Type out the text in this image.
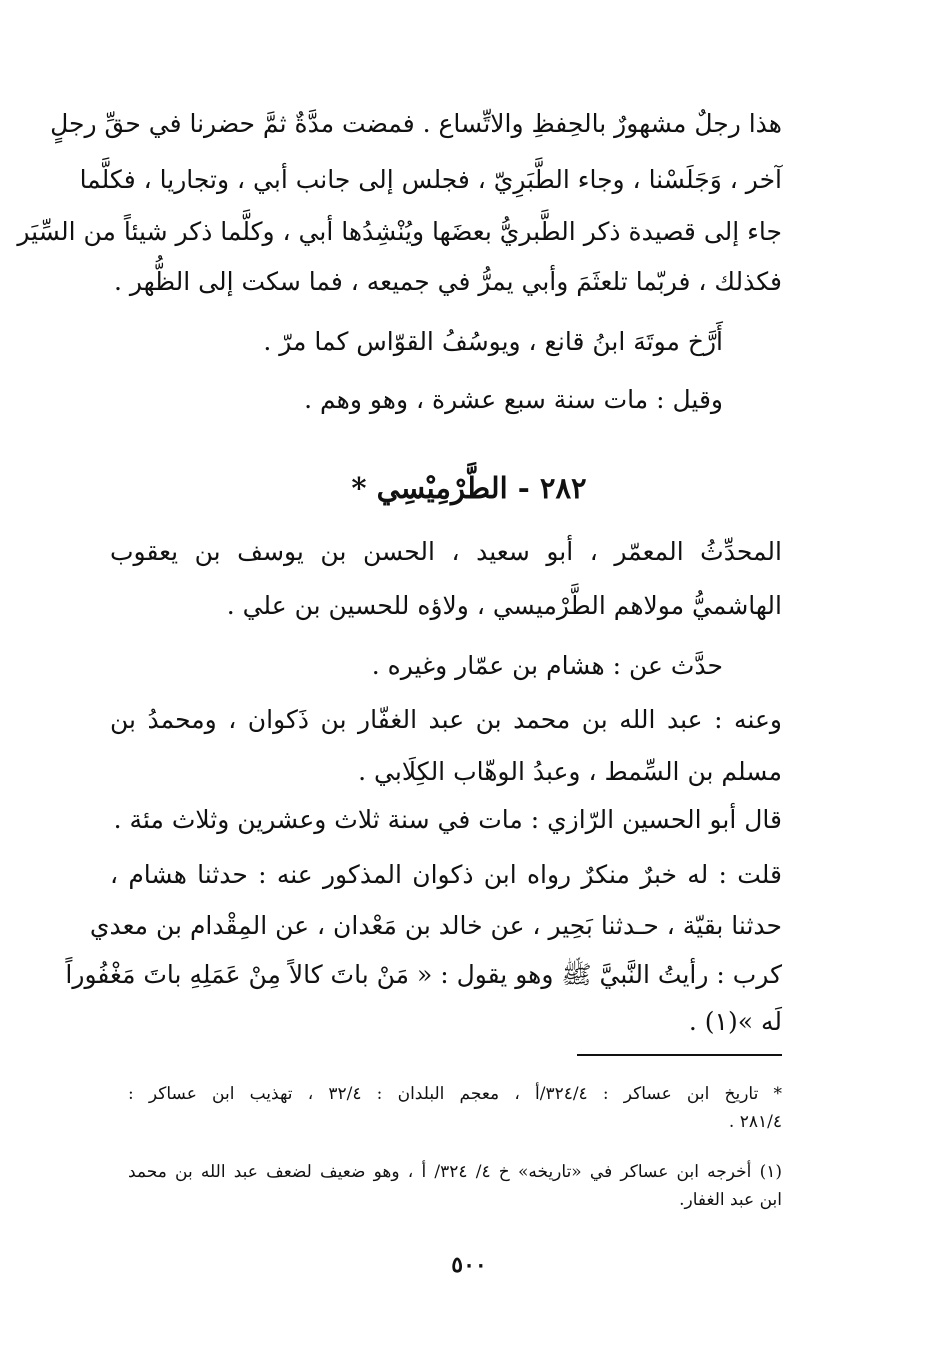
هذا رجلٌ مشهورٌ بالحِفظِ والاتِّساع . فمضت مدَّةٌ ثمَّ حضرنا في حقِّ رجلٍ
آخر ، وَجَلَسْنا ، وجاء الطَّبَرِيّ ، فجلس إلى جانب أبي ، وتجاريا ، فكلَّما
جاء إلى قصيدة ذكر الطَّبريُّ بعضَها ويُنْشِدُها أبي ، وكلَّما ذكر شيئاً من السِّيَر
فكذلك ، فربّما تلعثَمَ وأبي يمرُّ في جميعه ، فما سكت إلى الظُّهر .
أَرَّخ موتَهَ ابنُ قانع ، ويوسُفُ القوّاس كما مرّ .
وقيل : مات سنة سبع عشرة ، وهو وهم .
٢٨٢ - الطَّرْمِيْسِي *
المحدِّثُ المعمّر ، أبو سعيد ، الحسن بن يوسف بن يعقوب
الهاشميُّ مولاهم الطَّرْميسي ، ولاؤه للحسين بن علي .
حدَّث عن : هشام بن عمّار وغيره .
وعنه : عبد الله بن محمد بن عبد الغفّار بن ذَكوان ، ومحمدُ بن
مسلم بن السِّمط ، وعبدُ الوهّاب الكِلَابي .
قال أبو الحسين الرّازي : مات في سنة ثلاث وعشرين وثلاث مئة .
قلت : له خبرٌ منكرٌ رواه ابن ذكوان المذكور عنه : حدثنا هشام ،
حدثنا بقيّة ، حـدثنا بَحِير ، عن خالد بن مَعْدان ، عن المِقْدام بن معدي
كرب : رأيتُ النَّبيَّ ﷺ وهو يقول : « مَنْ باتَ كالاً مِنْ عَمَلِهِ باتَ مَغْفُوراً
لَه »(١) .
* تاريخ ابن عساكر : ٣٢٤/٤/أ ، معجم البلدان : ٣٢/٤ ، تهذيب ابن عساكر :
٢٨١/٤ .
(١) أخرجه ابن عساكر في «تاريخه» خ ٤/ ٣٢٤/ أ ، وهو ضعيف لضعف عبد الله بن محمد
ابن عبد الغفار.
٥٠٠
